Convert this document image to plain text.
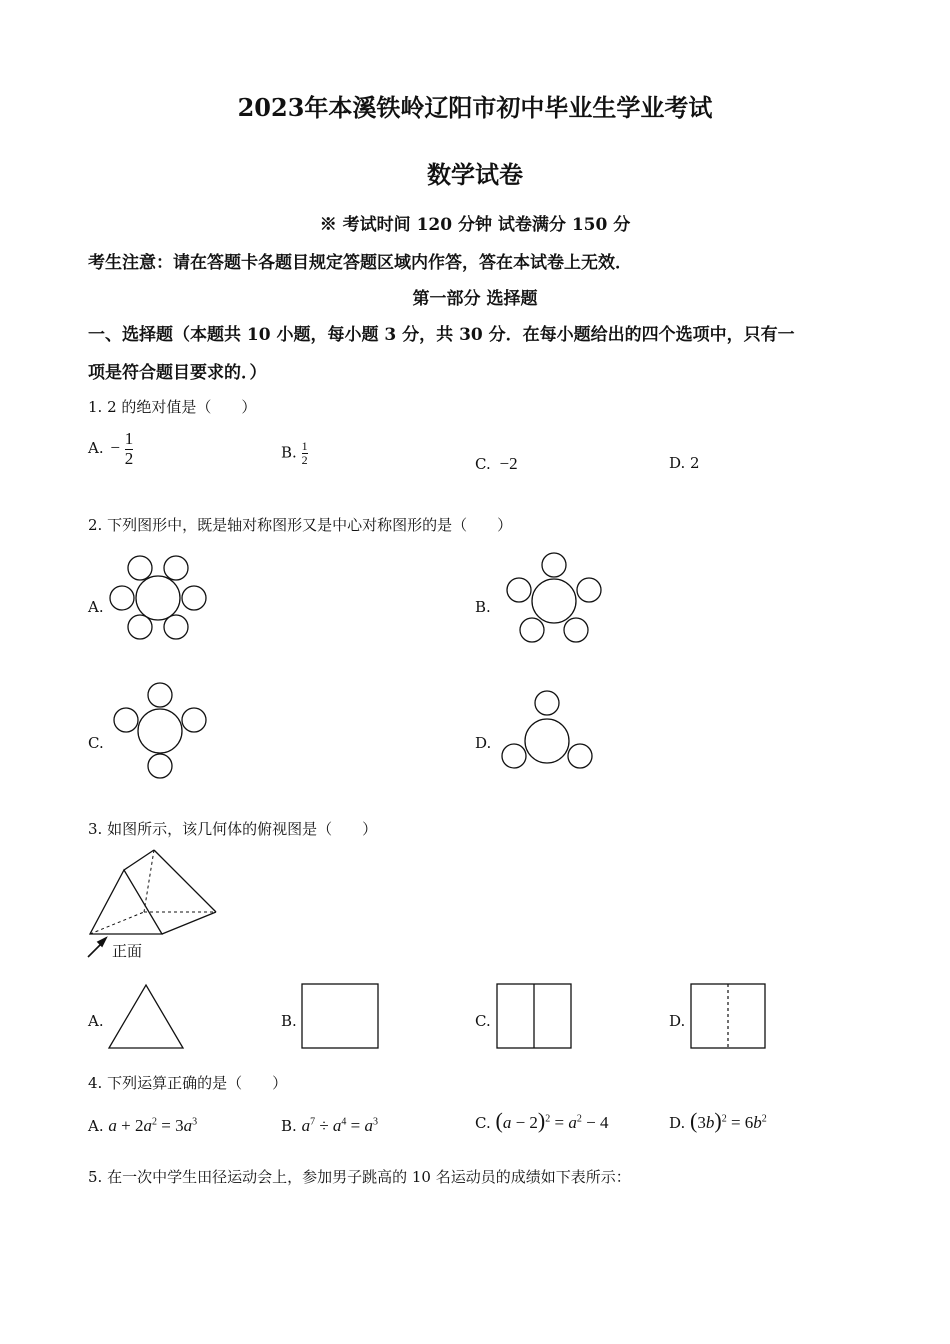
2023年本溪铁岭辽阳市初中毕业生学业考试
数学试卷
※ 考试时间 120 分钟 试卷满分 150 分
考生注意：请在答题卡各题目规定答题区域内作答，答在本试卷上无效．
第一部分 选择题
一、选择题（本题共 10 小题，每小题 3 分，共 30 分．在每小题给出的四个选项中，只有一
项是符合题目要求的．）
1. 2 的绝对值是（　　）
A. − $\frac{1}{2}$	B. $\frac{1}{2}$	C. −2	D. 2
2. 下列图形中，既是轴对称图形又是中心对称图形的是（　　）
A.	B.
C.	D.
3. 如图所示，该几何体的俯视图是（　　）
正面
A.	B.	C.	D.
4. 下列运算正确的是（　　）
A. $a + 2a^2 = 3a^3$	B. $a^7 \div a^4 = a^3$	C. $(a - 2)^2 = a^2 - 4$	D. $(3b)^2 = 6b^2$
5. 在一次中学生田径运动会上，参加男子跳高的 10 名运动员的成绩如下表所示：
